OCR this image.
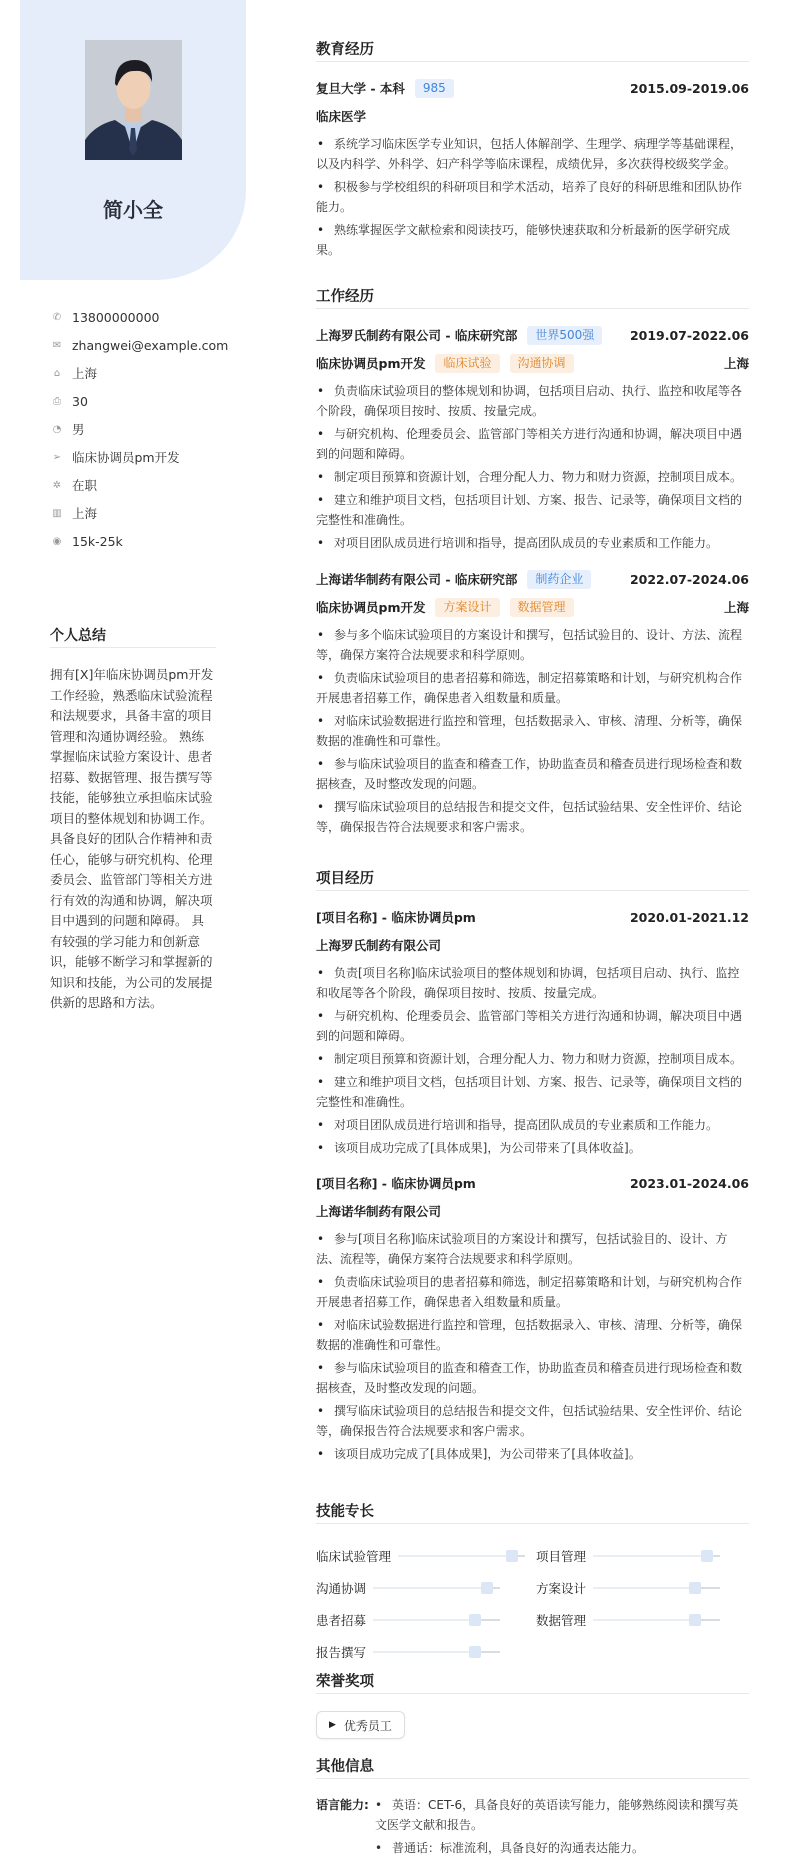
简小全
✆ 13800000000
✉ zhangwei@example.com
⌂ 上海
⎙ 30
◔ 男
➢ 临床协调员pm开发
✲ 在职
▥ 上海
◉ 15k-25k
个人总结
拥有[X]年临床协调员pm开发工作经验，熟悉临床试验流程和法规要求，具备丰富的项目管理和沟通协调经验。 熟练掌握临床试验方案设计、患者招募、数据管理、报告撰写等技能，能够独立承担临床试验项目的整体规划和协调工作。 具备良好的团队合作精神和责任心，能够与研究机构、伦理委员会、监管部门等相关方进行有效的沟通和协调，解决项目中遇到的问题和障碍。 具有较强的学习能力和创新意识，能够不断学习和掌握新的知识和技能，为公司的发展提供新的思路和方法。
教育经历
复旦大学 - 本科	985	2015.09-2019.06
临床医学
• 系统学习临床医学专业知识，包括人体解剖学、生理学、病理学等基础课程，以及内科学、外科学、妇产科学等临床课程，成绩优异，多次获得校级奖学金。
• 积极参与学校组织的科研项目和学术活动，培养了良好的科研思维和团队协作能力。
• 熟练掌握医学文献检索和阅读技巧，能够快速获取和分析最新的医学研究成果。
工作经历
上海罗氏制药有限公司 - 临床研究部	世界500强	2019.07-2022.06
临床协调员pm开发	临床试验	沟通协调	上海
• 负责临床试验项目的整体规划和协调，包括项目启动、执行、监控和收尾等各个阶段，确保项目按时、按质、按量完成。
• 与研究机构、伦理委员会、监管部门等相关方进行沟通和协调，解决项目中遇到的问题和障碍。
• 制定项目预算和资源计划，合理分配人力、物力和财力资源，控制项目成本。
• 建立和维护项目文档，包括项目计划、方案、报告、记录等，确保项目文档的完整性和准确性。
• 对项目团队成员进行培训和指导，提高团队成员的专业素质和工作能力。
上海诺华制药有限公司 - 临床研究部	制药企业	2022.07-2024.06
临床协调员pm开发	方案设计	数据管理	上海
• 参与多个临床试验项目的方案设计和撰写，包括试验目的、设计、方法、流程等，确保方案符合法规要求和科学原则。
• 负责临床试验项目的患者招募和筛选，制定招募策略和计划，与研究机构合作开展患者招募工作，确保患者入组数量和质量。
• 对临床试验数据进行监控和管理，包括数据录入、审核、清理、分析等，确保数据的准确性和可靠性。
• 参与临床试验项目的监查和稽查工作，协助监查员和稽查员进行现场检查和数据核查，及时整改发现的问题。
• 撰写临床试验项目的总结报告和提交文件，包括试验结果、安全性评价、结论等，确保报告符合法规要求和客户需求。
项目经历
[项目名称] - 临床协调员pm	2020.01-2021.12
上海罗氏制药有限公司
• 负责[项目名称]临床试验项目的整体规划和协调，包括项目启动、执行、监控和收尾等各个阶段，确保项目按时、按质、按量完成。
• 与研究机构、伦理委员会、监管部门等相关方进行沟通和协调，解决项目中遇到的问题和障碍。
• 制定项目预算和资源计划，合理分配人力、物力和财力资源，控制项目成本。
• 建立和维护项目文档，包括项目计划、方案、报告、记录等，确保项目文档的完整性和准确性。
• 对项目团队成员进行培训和指导，提高团队成员的专业素质和工作能力。
• 该项目成功完成了[具体成果]，为公司带来了[具体收益]。
[项目名称] - 临床协调员pm	2023.01-2024.06
上海诺华制药有限公司
• 参与[项目名称]临床试验项目的方案设计和撰写，包括试验目的、设计、方法、流程等，确保方案符合法规要求和科学原则。
• 负责临床试验项目的患者招募和筛选，制定招募策略和计划，与研究机构合作开展患者招募工作，确保患者入组数量和质量。
• 对临床试验数据进行监控和管理，包括数据录入、审核、清理、分析等，确保数据的准确性和可靠性。
• 参与临床试验项目的监查和稽查工作，协助监查员和稽查员进行现场检查和数据核查，及时整改发现的问题。
• 撰写临床试验项目的总结报告和提交文件，包括试验结果、安全性评价、结论等，确保报告符合法规要求和客户需求。
• 该项目成功完成了[具体成果]，为公司带来了[具体收益]。
技能专长
临床试验管理	项目管理
沟通协调	方案设计
患者招募	数据管理
报告撰写
荣誉奖项
▶ 优秀员工
其他信息
语言能力:	• 英语：CET-6，具备良好的英语读写能力，能够熟练阅读和撰写英文医学文献和报告。
• 普通话：标准流利，具备良好的沟通表达能力。
